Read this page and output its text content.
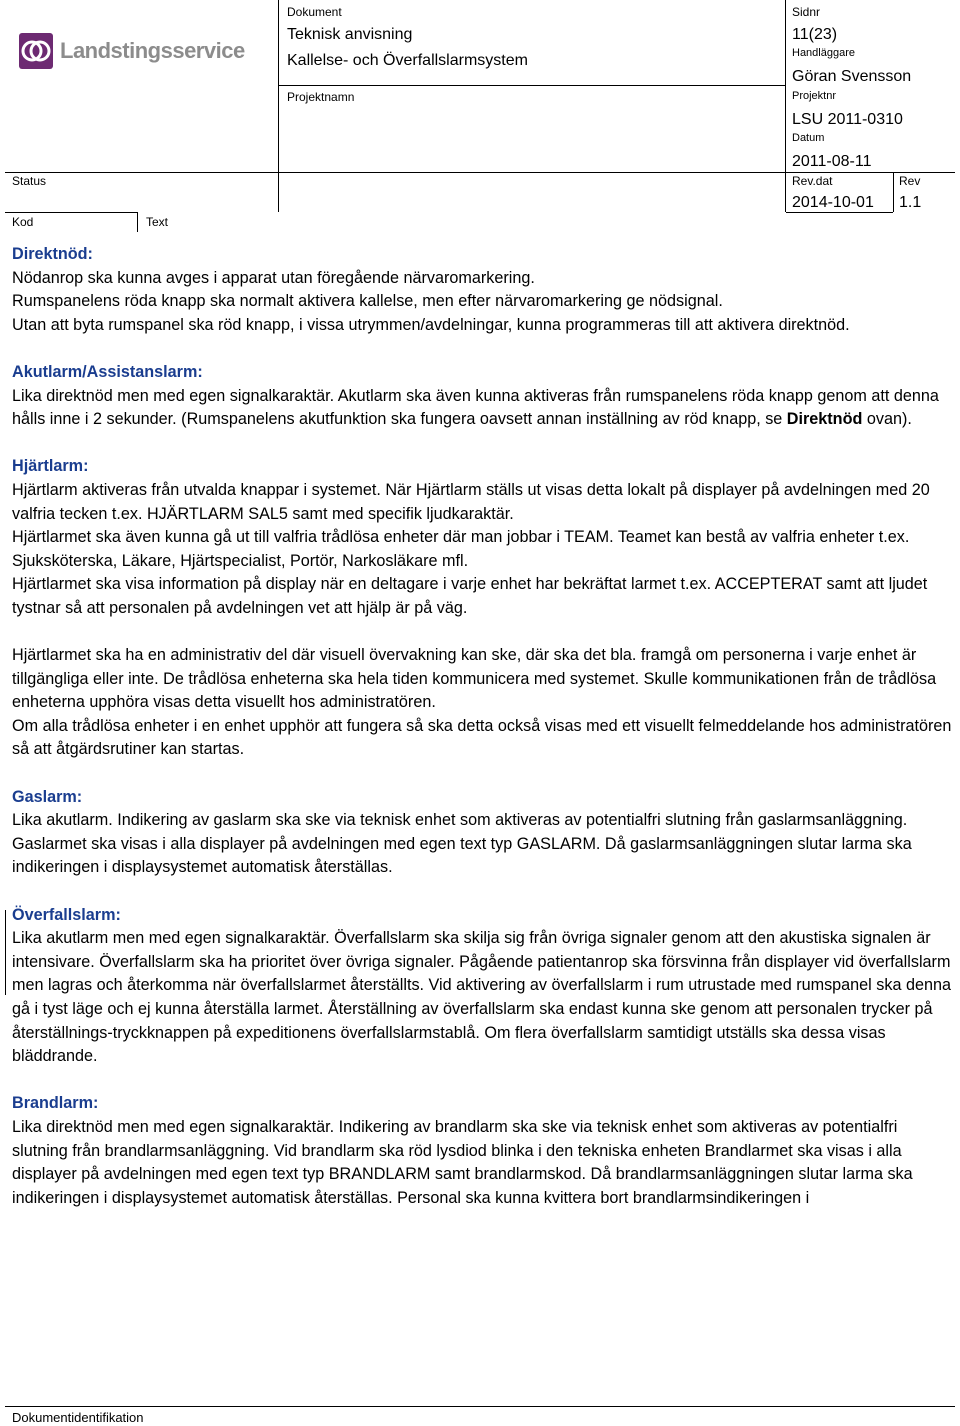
Landstingsservice
Dokument
Teknisk anvisning
Kallelse- och Överfallslarmsystem
Projektnamn
Sidnr
11(23)
Handläggare
Göran Svensson
Projektnr
LSU 2011-0310
Datum
2011-08-11
Status	Rev.dat
2014-10-01
Rev
1.1
Kod	Text

Direktnöd:

Nödanrop ska kunna avges i apparat utan föregående närvaromarkering.

Rumspanelens röda knapp ska normalt aktivera kallelse, men efter närvaromarkering ge nödsignal.

Utan att byta rumspanel ska röd knapp, i vissa utrymmen/avdelningar, kunna programmeras till att aktivera direktnöd.

Akutlarm/Assistanslarm:

Lika direktnöd men med egen signalkaraktär. Akutlarm ska även kunna aktiveras från rumspanelens röda knapp genom att denna hålls inne i 2 sekunder. (Rumspanelens akutfunktion ska fungera oavsett annan inställning av röd knapp, se Direktnöd ovan).

Hjärtlarm:

Hjärtlarm aktiveras från utvalda knappar i systemet. När Hjärtlarm ställs ut visas detta lokalt på displayer på avdelningen med 20 valfria tecken t.ex. HJÄRTLARM SAL5 samt med specifik ljudkaraktär.

Hjärtlarmet ska även kunna gå ut till valfria trådlösa enheter där man jobbar i TEAM. Teamet kan bestå av valfria enheter t.ex. Sjuksköterska, Läkare, Hjärtspecialist, Portör, Narkosläkare mfl.

Hjärtlarmet ska visa information på display när en deltagare i varje enhet har bekräftat larmet t.ex. ACCEPTERAT samt att ljudet tystnar så att personalen på avdelningen vet att hjälp är på väg.

Hjärtlarmet ska ha en administrativ del där visuell övervakning kan ske, där ska det bla. framgå om personerna i varje enhet är tillgängliga eller inte. De trådlösa enheterna ska hela tiden kommunicera med systemet. Skulle kommunikationen från de trådlösa enheterna upphöra visas detta visuellt hos administratören.

Om alla trådlösa enheter i en enhet upphör att fungera så ska detta också visas med ett visuellt felmeddelande hos administratören så att åtgärdsrutiner kan startas.

Gaslarm:

Lika akutlarm. Indikering av gaslarm ska ske via teknisk enhet som aktiveras av potentialfri slutning från gaslarmsanläggning. Gaslarmet ska visas i alla displayer på avdelningen med egen text typ GASLARM. Då gaslarmsanläggningen slutar larma ska indikeringen i displaysystemet automatisk återställas.

Överfallslarm:

Lika akutlarm men med egen signalkaraktär. Överfallslarm ska skilja sig från övriga signaler genom att den akustiska signalen är intensivare. Överfallslarm ska ha prioritet över övriga signaler. Pågående patientanrop ska försvinna från displayer vid överfallslarm men lagras och återkomma när överfallslarmet återställts. Vid aktivering av överfallslarm i rum utrustade med rumspanel ska denna gå i tyst läge och ej kunna återställa larmet. Återställning av överfallslarm ska endast kunna ske genom att personalen trycker på återställnings-tryckknappen på expeditionens överfallslarmstablå. Om flera överfallslarm samtidigt utställs ska dessa visas bläddrande.

Brandlarm:

Lika direktnöd men med egen signalkaraktär. Indikering av brandlarm ska ske via teknisk enhet som aktiveras av potentialfri slutning från brandlarmsanläggning. Vid brandlarm ska röd lysdiod blinka i den tekniska enheten Brandlarmet ska visas i alla displayer på avdelningen med egen text typ BRANDLARM samt brandlarmskod. Då brandlarmsanläggningen slutar larma ska indikeringen i displaysystemet automatisk återställas. Personal ska kunna kvittera bort brandlarmsindikeringen i

Dokumentidentifikation
